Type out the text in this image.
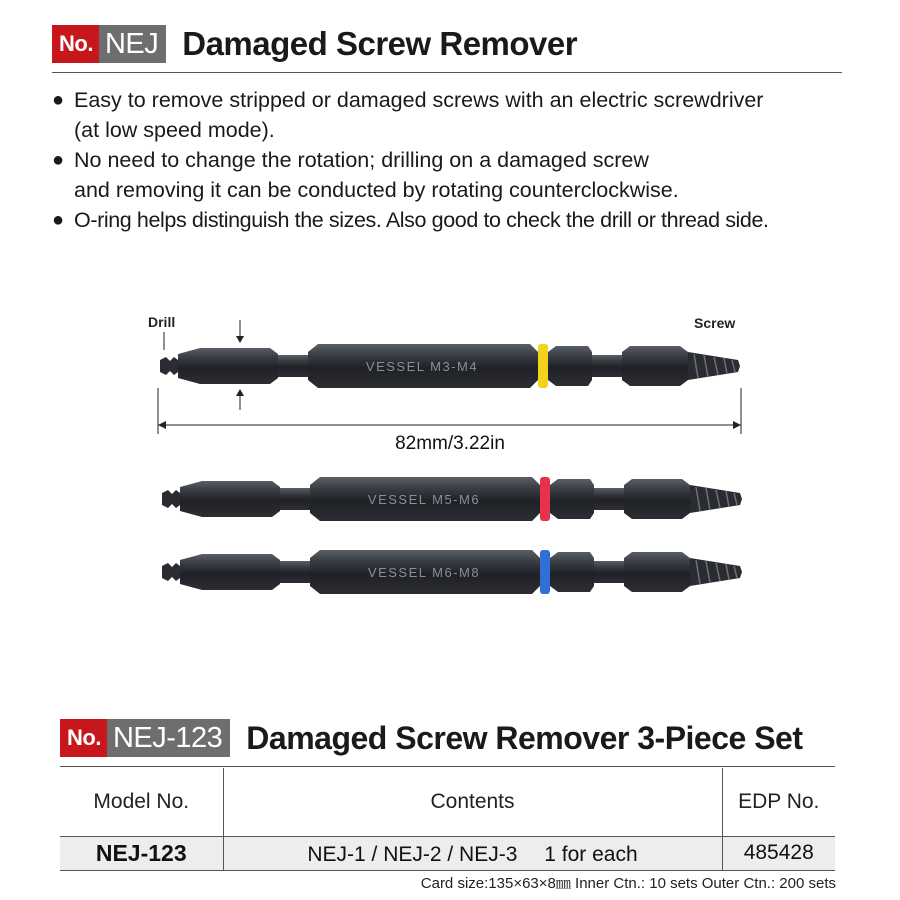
No. NEJ Damaged Screw Remover
● Easy to remove stripped or damaged screws with an electric screwdriver
(at low speed mode).
● No need to change the rotation; drilling on a damaged screw
and removing it can be conducted by rotating counterclockwise.
● O-ring helps distinguish the sizes. Also good to check the drill or thread side.
VESSEL M3-M4
Drill	Screw
82mm/3.22in
VESSEL M5-M6
VESSEL M6-M8
No. NEJ-123 Damaged Screw Remover 3-Piece Set
Model No.	Contents	EDP No.
NEJ-123	NEJ-1 / NEJ-2 / NEJ-3　 1 for each	485428
Card size:135×63×8㎜ Inner Ctn.: 10 sets Outer Ctn.: 200 sets
